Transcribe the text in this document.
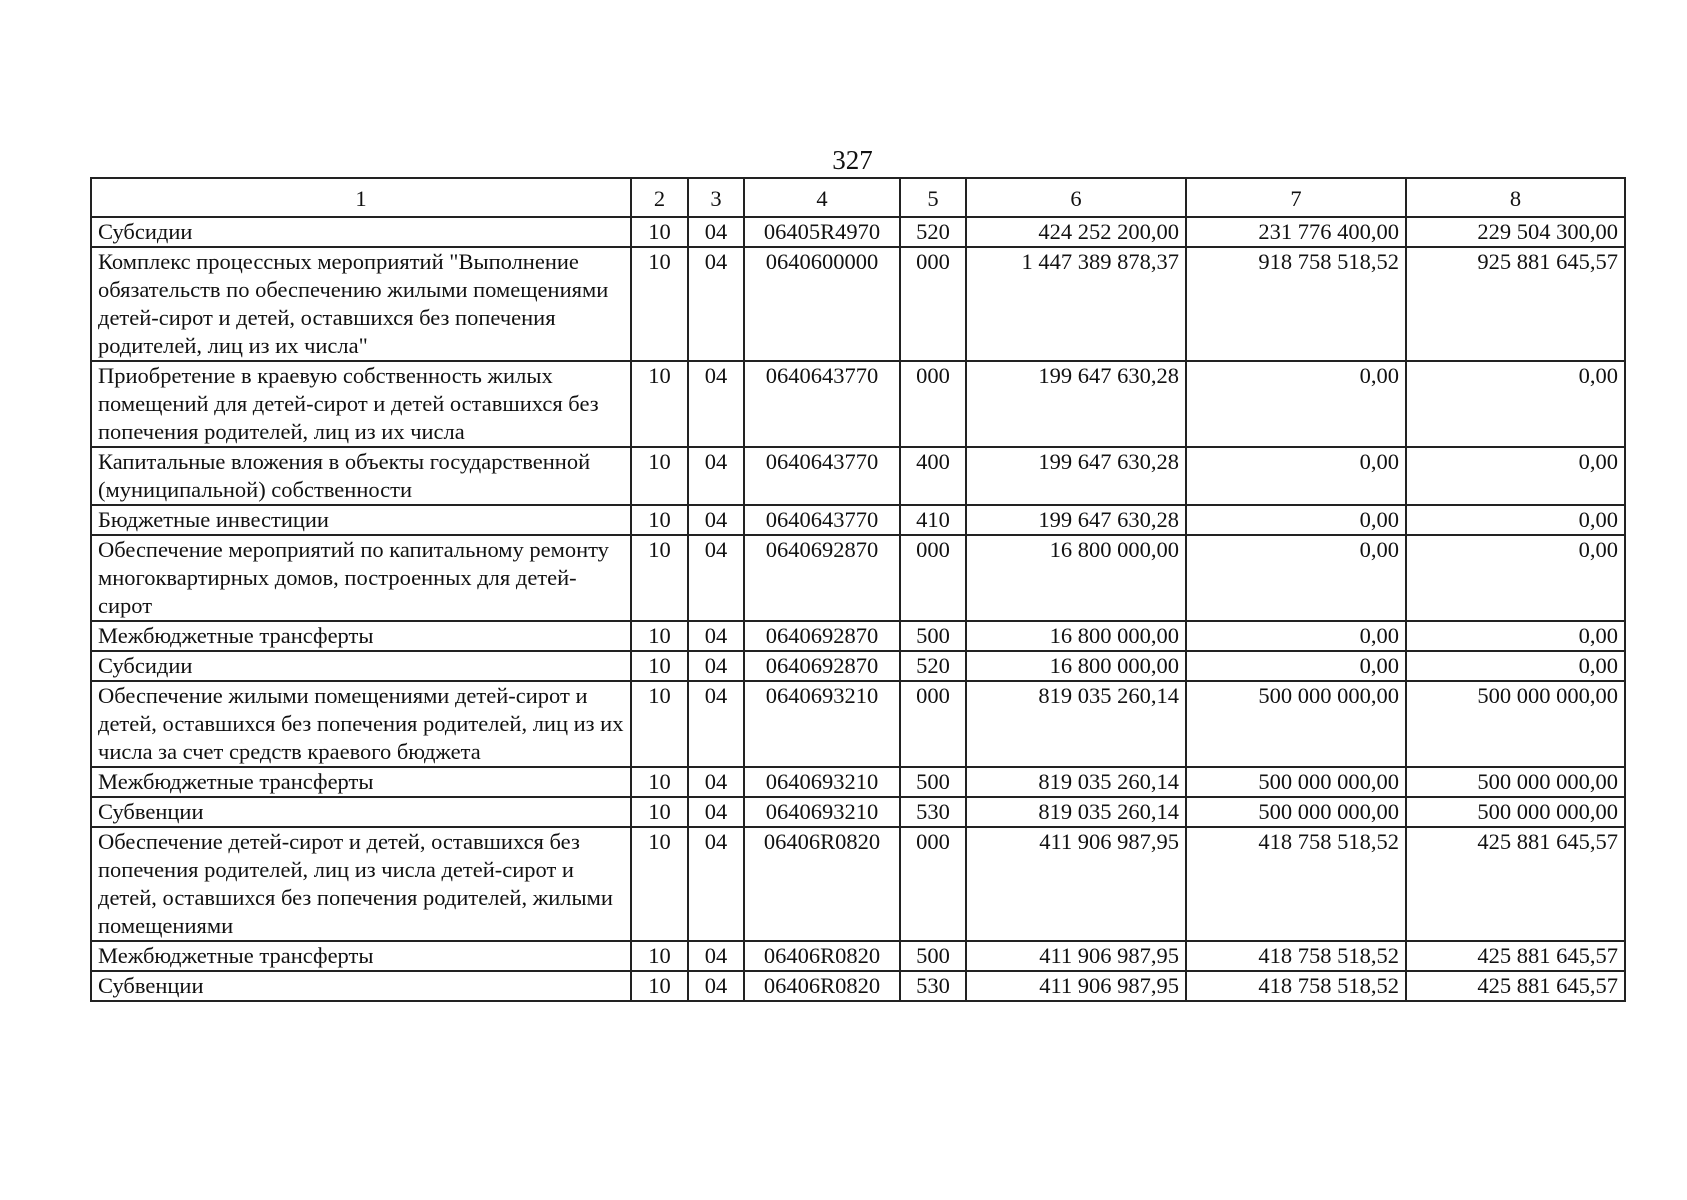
327
1	2	3	4	5	6	7	8
Субсидии	10	04	06405R4970	520	424 252 200,00	231 776 400,00	229 504 300,00
Комплекс процессных мероприятий "Выполнение обязательств по обеспечению жилыми помещениями детей-сирот и детей, оставшихся без попечения родителей, лиц из их числа"	10	04	0640600000	000	1 447 389 878,37	918 758 518,52	925 881 645,57
Приобретение в краевую собственность жилых помещений для детей-сирот и детей оставшихся без попечения родителей, лиц из их числа	10	04	0640643770	000	199 647 630,28	0,00	0,00
Капитальные вложения в объекты государственной (муниципальной) собственности	10	04	0640643770	400	199 647 630,28	0,00	0,00
Бюджетные инвестиции	10	04	0640643770	410	199 647 630,28	0,00	0,00
Обеспечение мероприятий по капитальному ремонту многоквартирных домов, построенных для детей-сирот	10	04	0640692870	000	16 800 000,00	0,00	0,00
Межбюджетные трансферты	10	04	0640692870	500	16 800 000,00	0,00	0,00
Субсидии	10	04	0640692870	520	16 800 000,00	0,00	0,00
Обеспечение жилыми помещениями детей-сирот и детей, оставшихся без попечения родителей, лиц из их числа за счет средств краевого бюджета	10	04	0640693210	000	819 035 260,14	500 000 000,00	500 000 000,00
Межбюджетные трансферты	10	04	0640693210	500	819 035 260,14	500 000 000,00	500 000 000,00
Субвенции	10	04	0640693210	530	819 035 260,14	500 000 000,00	500 000 000,00
Обеспечение детей-сирот и детей, оставшихся без попечения родителей, лиц из числа детей-сирот и детей, оставшихся без попечения родителей, жилыми помещениями	10	04	06406R0820	000	411 906 987,95	418 758 518,52	425 881 645,57
Межбюджетные трансферты	10	04	06406R0820	500	411 906 987,95	418 758 518,52	425 881 645,57
Субвенции	10	04	06406R0820	530	411 906 987,95	418 758 518,52	425 881 645,57
